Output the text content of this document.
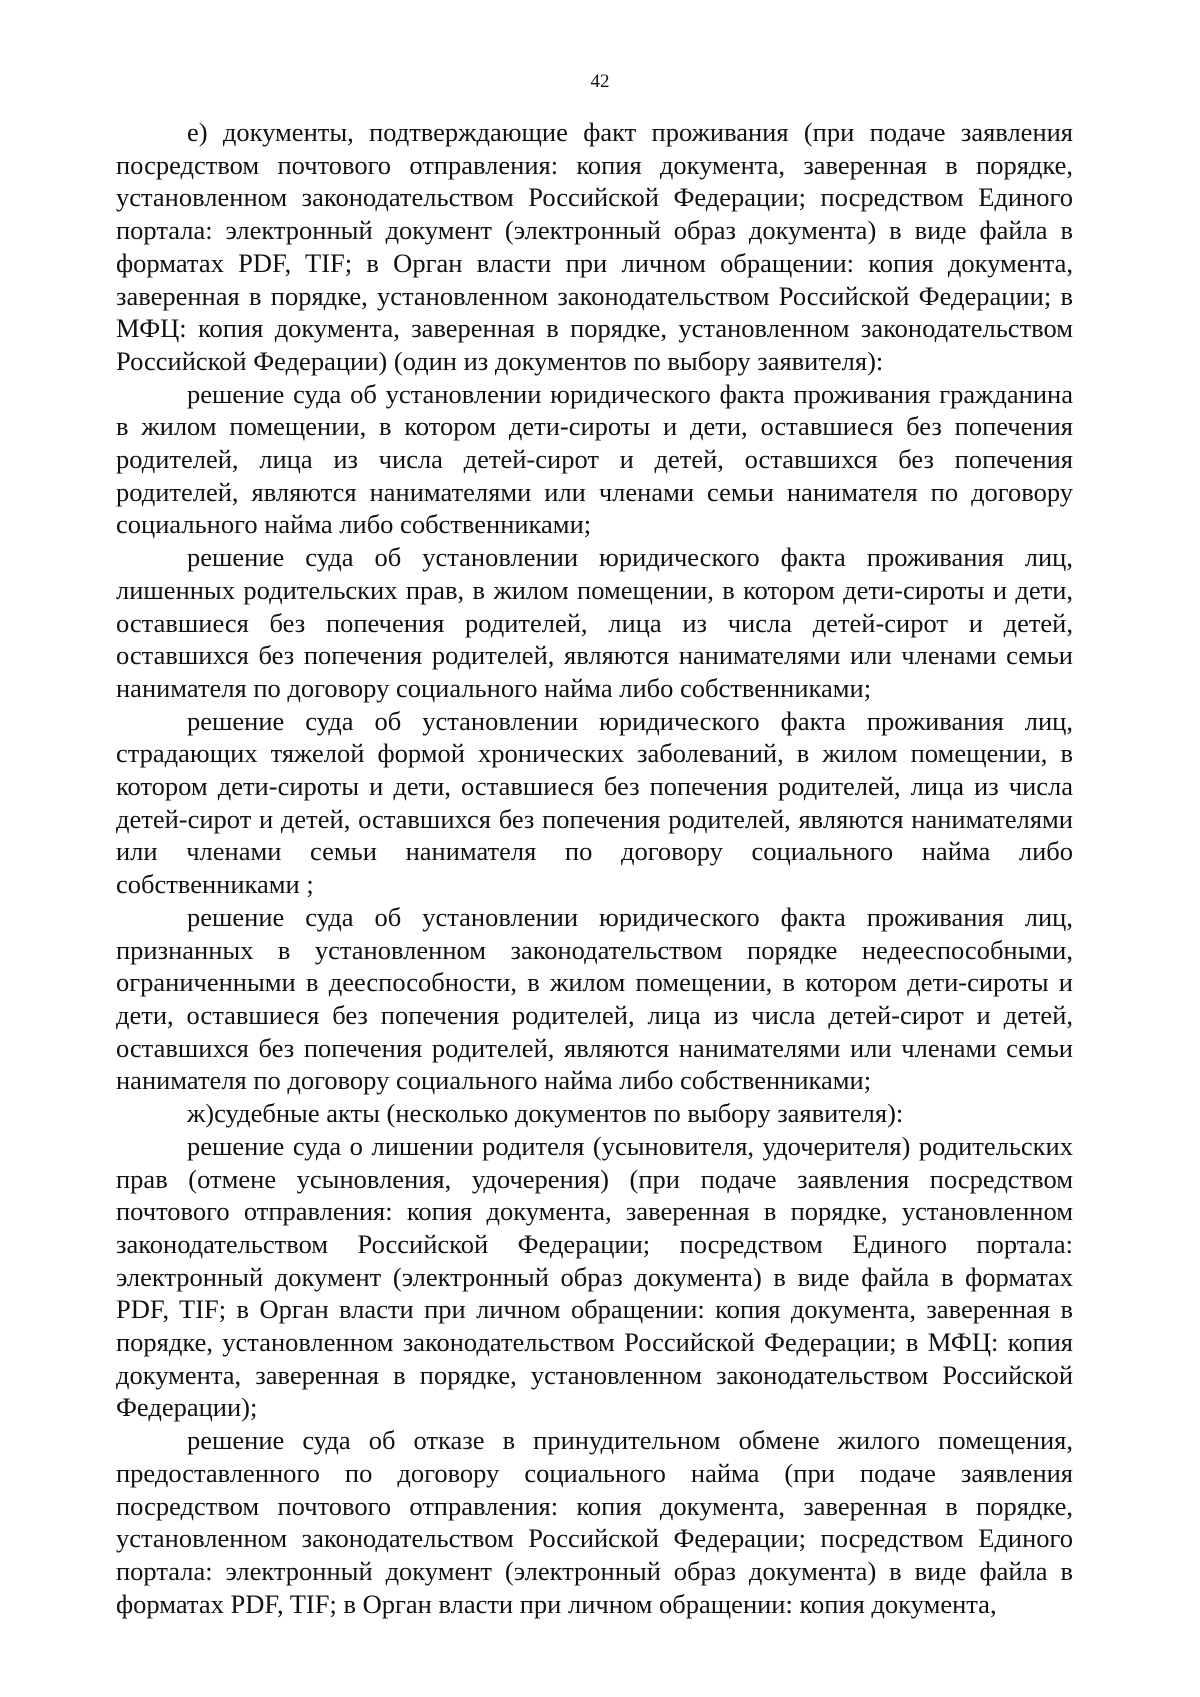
42

е) документы, подтверждающие факт проживания (при подаче заявления посредством почтового отправления: копия документа, заверенная в порядке, установленном законодательством Российской Федерации; посредством Единого портала: электронный документ (электронный образ документа) в виде файла в форматах PDF, TIF; в Орган власти при личном обращении: копия документа, заверенная в порядке, установленном законодательством Российской Федерации; в МФЦ: копия документа, заверенная в порядке, установленном законодательством Российской Федерации) (один из документов по выбору заявителя):

решение суда об установлении юридического факта проживания гражданина в жилом помещении, в котором дети-сироты и дети, оставшиеся без попечения родителей, лица из числа детей-сирот и детей, оставшихся без попечения родителей, являются нанимателями или членами семьи нанимателя по договору социального найма либо собственниками;

решение суда об установлении юридического факта проживания лиц, лишенных родительских прав, в жилом помещении, в котором дети-сироты и дети, оставшиеся без попечения родителей, лица из числа детей-сирот и детей, оставшихся без попечения родителей, являются нанимателями или членами семьи нанимателя по договору социального найма либо собственниками;

решение суда об установлении юридического факта проживания лиц, страдающих тяжелой формой хронических заболеваний, в жилом помещении, в котором дети-сироты и дети, оставшиеся без попечения родителей, лица из числа детей-сирот и детей, оставшихся без попечения родителей, являются нанимателями или членами семьи нанимателя по договору социального найма либо собственниками ;

решение суда об установлении юридического факта проживания лиц, признанных в установленном законодательством порядке недееспособными, ограниченными в дееспособности, в жилом помещении, в котором дети-сироты и дети, оставшиеся без попечения родителей, лица из числа детей-сирот и детей, оставшихся без попечения родителей, являются нанимателями или членами семьи нанимателя по договору социального найма либо собственниками;

ж)судебные акты (несколько документов по выбору заявителя):

решение суда о лишении родителя (усыновителя, удочерителя) родительских прав (отмене усыновления, удочерения) (при подаче заявления посредством почтового отправления: копия документа, заверенная в порядке, установленном законодательством Российской Федерации; посредством Единого портала: электронный документ (электронный образ документа) в виде файла в форматах PDF, TIF; в Орган власти при личном обращении: копия документа, заверенная в порядке, установленном законодательством Российской Федерации; в МФЦ: копия документа, заверенная в порядке, установленном законодательством Российской Федерации);

решение суда об отказе в принудительном обмене жилого помещения, предоставленного по договору социального найма (при подаче заявления посредством почтового отправления: копия документа, заверенная в порядке, установленном законодательством Российской Федерации; посредством Единого портала: электронный документ (электронный образ документа) в виде файла в форматах PDF, TIF; в Орган власти при личном обращении: копия документа,
